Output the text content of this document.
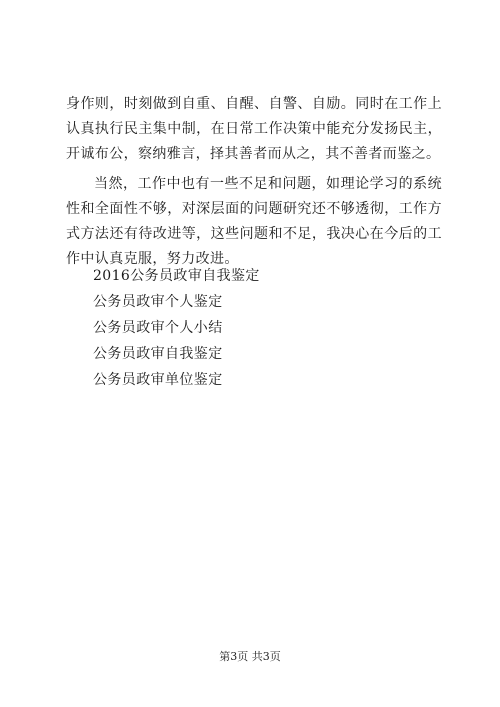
身作则，时刻做到自重、自醒、自警、自励。同时在工作上认真执行民主集中制，在日常工作决策中能充分发扬民主，开诚布公，察纳雅言，择其善者而从之，其不善者而鉴之。

当然，工作中也有一些不足和问题，如理论学习的系统性和全面性不够，对深层面的问题研究还不够透彻，工作方式方法还有待改进等，这些问题和不足，我决心在今后的工作中认真克服，努力改进。

2016公务员政审自我鉴定
公务员政审个人鉴定
公务员政审个人小结
公务员政审自我鉴定
公务员政审单位鉴定
第3页 共3页
